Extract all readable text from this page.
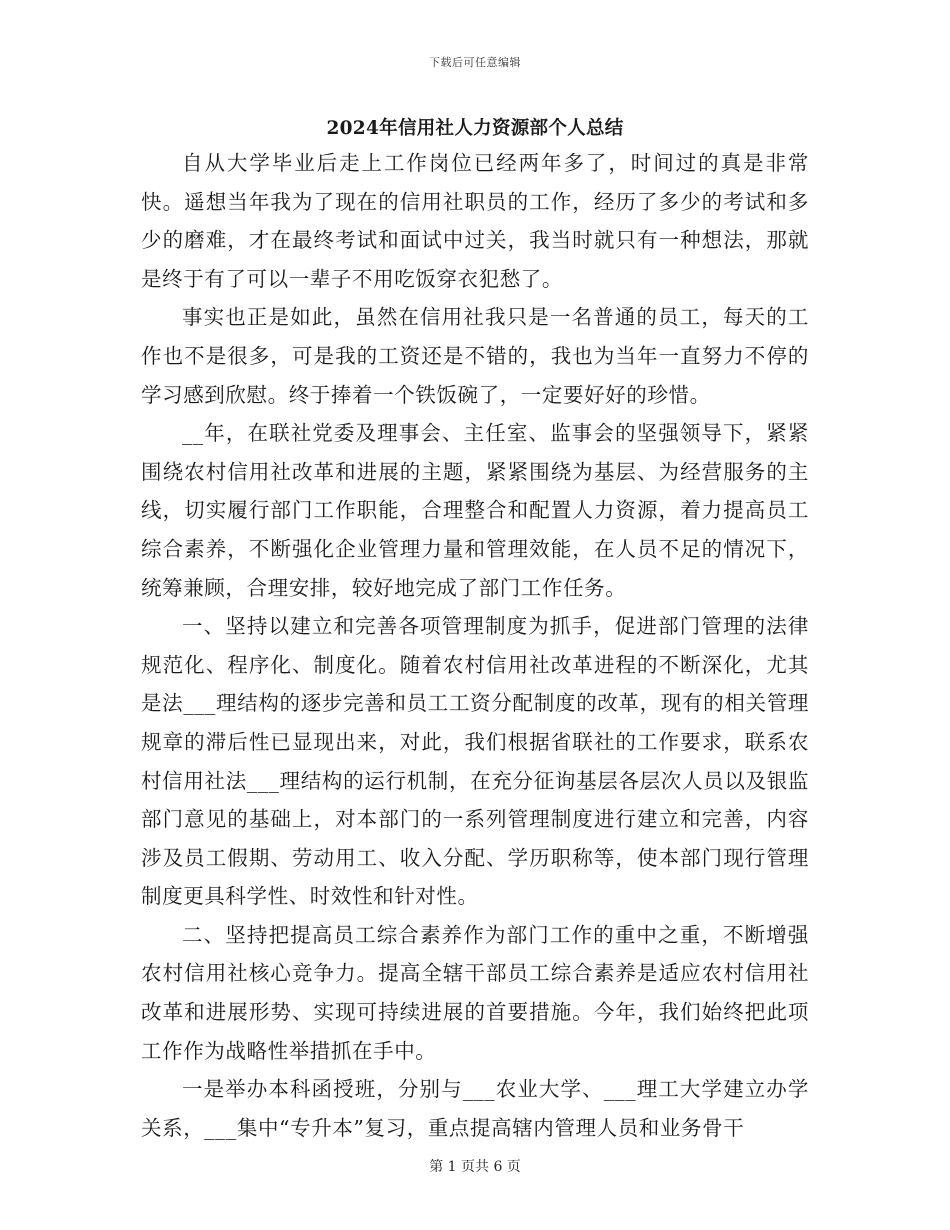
下载后可任意编辑
2024年信用社人力资源部个人总结

自从大学毕业后走上工作岗位已经两年多了，时间过的真是非常快。遥想当年我为了现在的信用社职员的工作，经历了多少的考试和多少的磨难，才在最终考试和面试中过关，我当时就只有一种想法，那就是终于有了可以一辈子不用吃饭穿衣犯愁了。

事实也正是如此，虽然在信用社我只是一名普通的员工，每天的工作也不是很多，可是我的工资还是不错的，我也为当年一直努力不停的学习感到欣慰。终于捧着一个铁饭碗了，一定要好好的珍惜。

__年，在联社党委及理事会、主任室、监事会的坚强领导下，紧紧围绕农村信用社改革和进展的主题，紧紧围绕为基层、为经营服务的主线，切实履行部门工作职能，合理整合和配置人力资源，着力提高员工综合素养，不断强化企业管理力量和管理效能，在人员不足的情况下，统筹兼顾，合理安排，较好地完成了部门工作任务。

一、坚持以建立和完善各项管理制度为抓手，促进部门管理的法律规范化、程序化、制度化。随着农村信用社改革进程的不断深化，尤其是法___理结构的逐步完善和员工工资分配制度的改革，现有的相关管理规章的滞后性已显现出来，对此，我们根据省联社的工作要求，联系农村信用社法___理结构的运行机制，在充分征询基层各层次人员以及银监部门意见的基础上，对本部门的一系列管理制度进行建立和完善，内容涉及员工假期、劳动用工、收入分配、学历职称等，使本部门现行管理制度更具科学性、时效性和针对性。

二、坚持把提高员工综合素养作为部门工作的重中之重，不断增强农村信用社核心竞争力。提高全辖干部员工综合素养是适应农村信用社改革和进展形势、实现可持续进展的首要措施。今年，我们始终把此项工作作为战略性举措抓在手中。

一是举办本科函授班，分别与___农业大学、___理工大学建立办学关系，___集中“专升本”复习，重点提高辖内管理人员和业务骨干

第 1 页共 6 页
